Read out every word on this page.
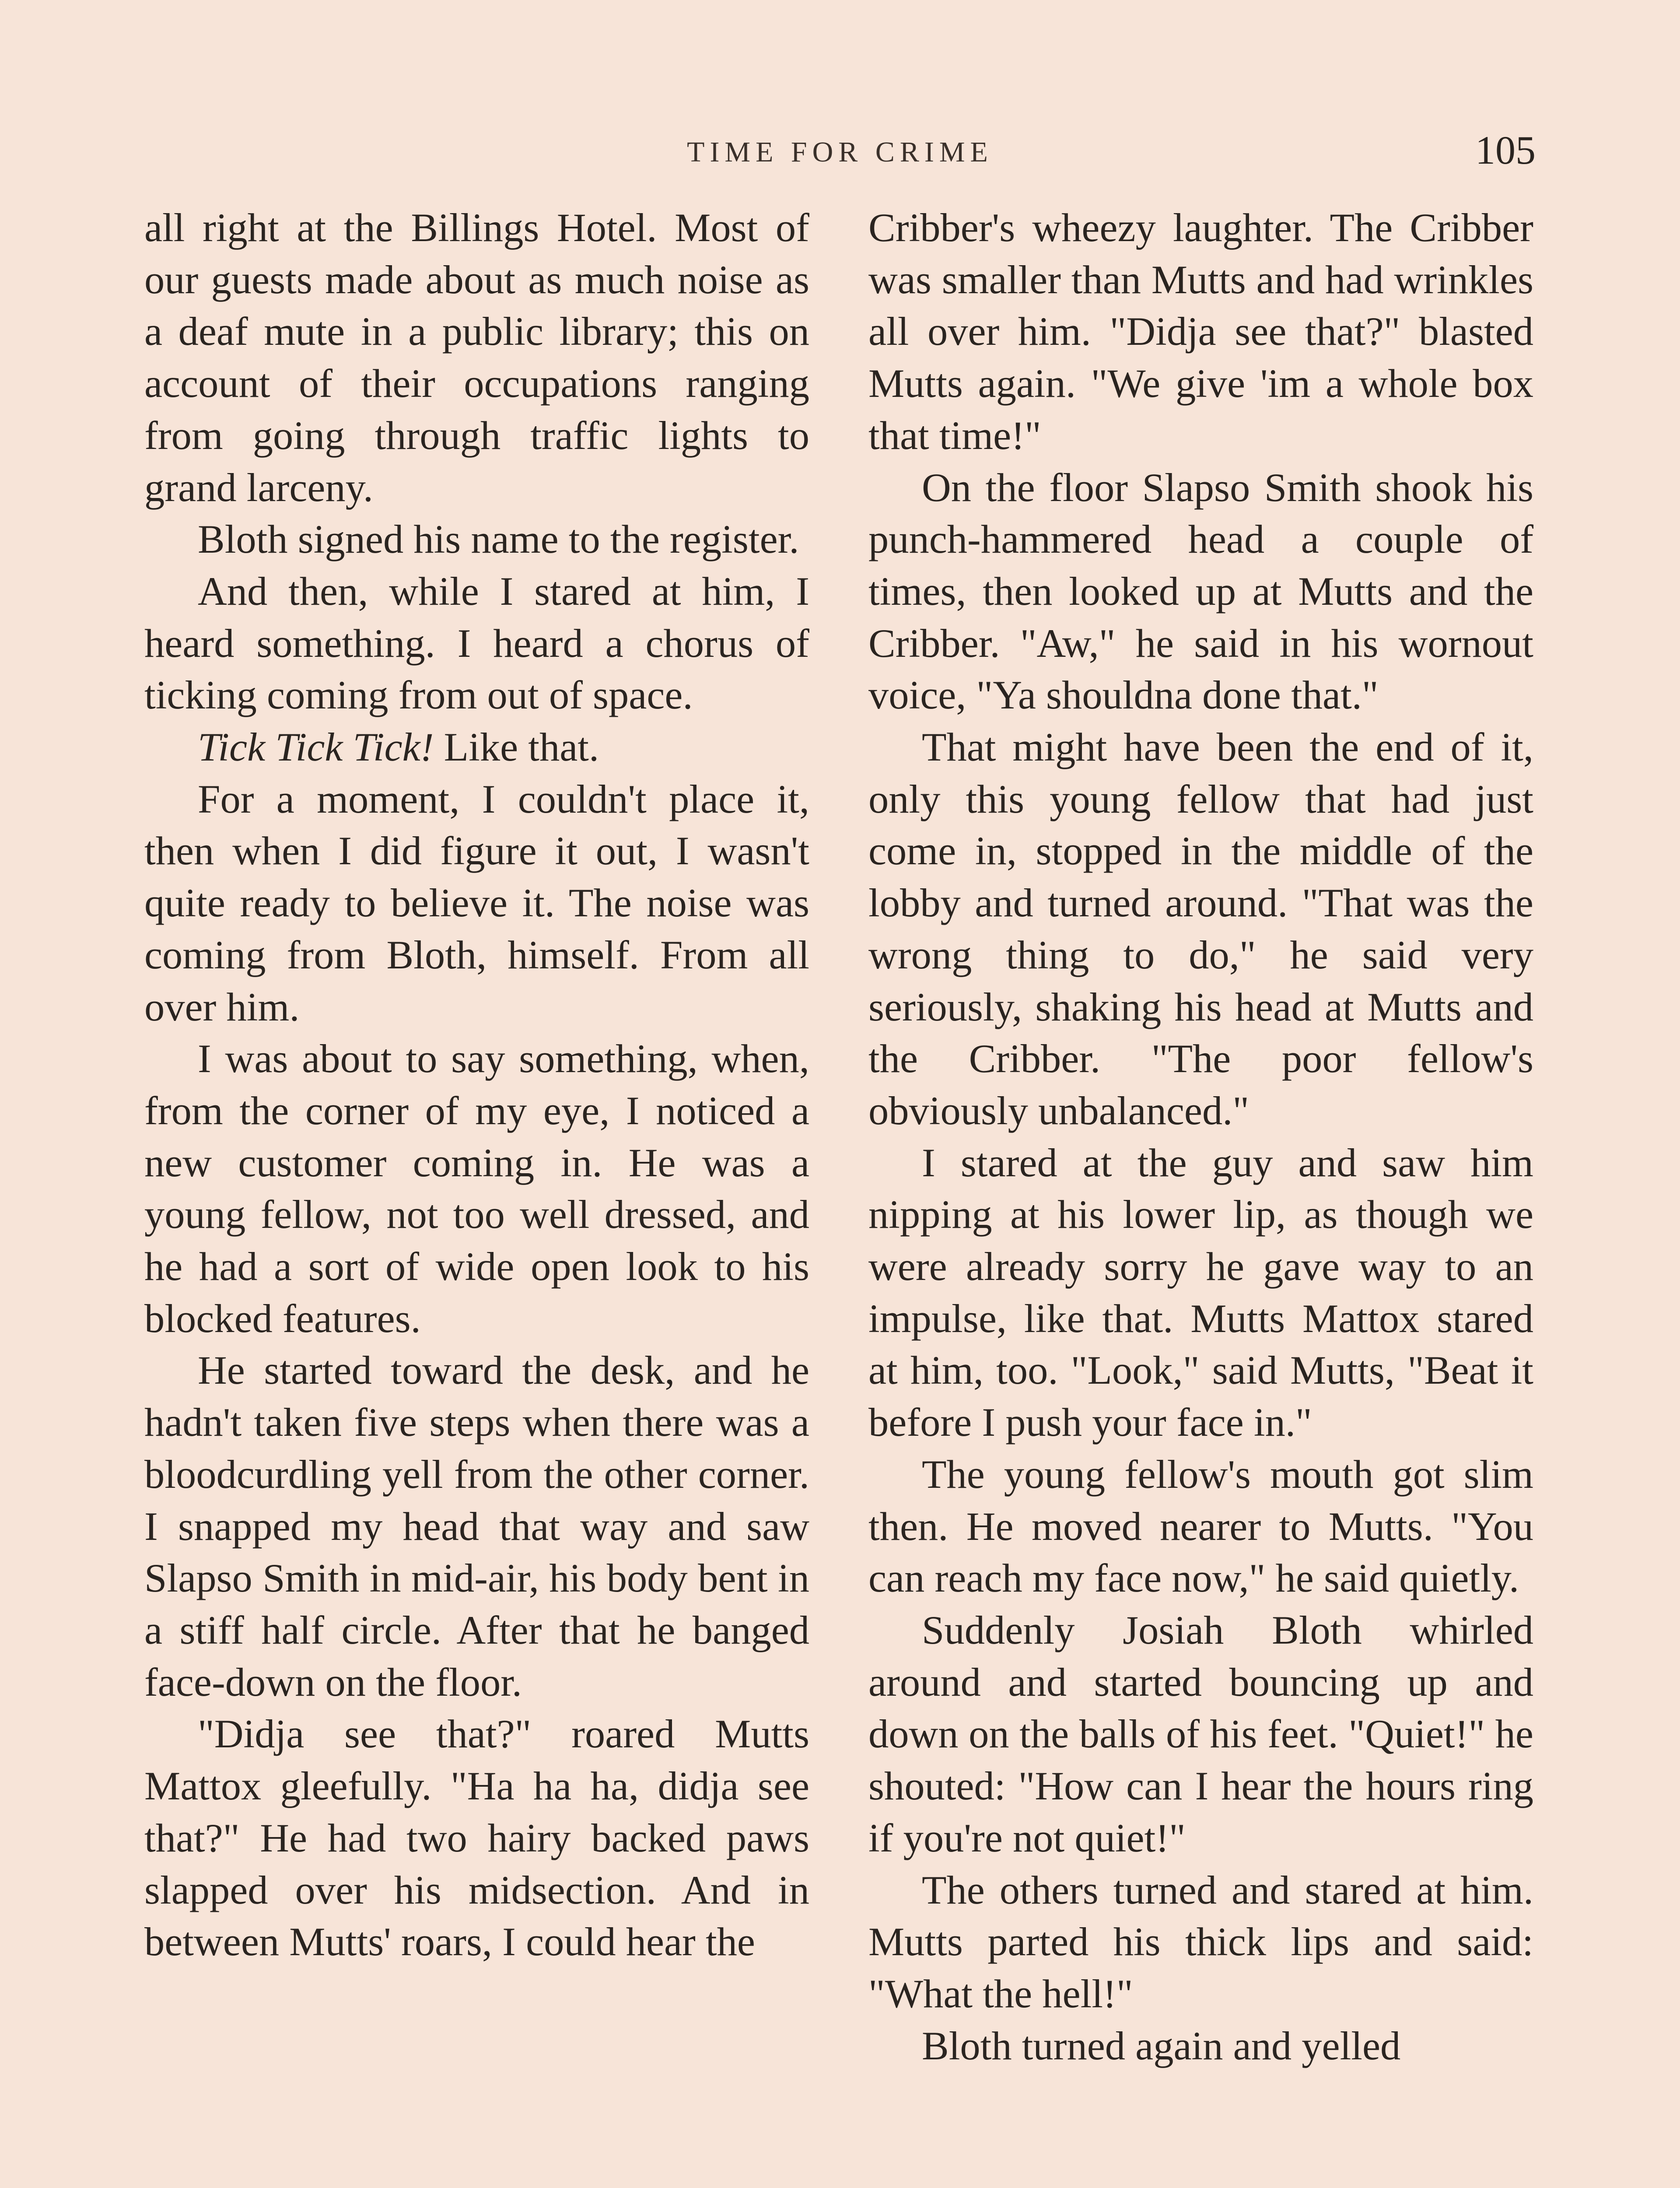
TIME FOR CRIME	105

all right at the Billings Hotel. Most of our guests made about as much noise as a deaf mute in a public library; this on account of their occupations ranging from going through traffic lights to grand larceny.

Bloth signed his name to the register.

And then, while I stared at him, I heard something. I heard a chorus of ticking coming from out of space.

Tick Tick Tick! Like that.

For a moment, I couldn't place it, then when I did figure it out, I wasn't quite ready to believe it. The noise was coming from Bloth, himself. From all over him.

I was about to say something, when, from the corner of my eye, I noticed a new customer coming in. He was a young fellow, not too well dressed, and he had a sort of wide open look to his blocked features.

He started toward the desk, and he hadn't taken five steps when there was a bloodcurdling yell from the other corner. I snapped my head that way and saw Slapso Smith in mid-air, his body bent in a stiff half circle. After that he banged face-down on the floor.

"Didja see that?" roared Mutts Mattox gleefully. "Ha ha ha, didja see that?" He had two hairy backed paws slapped over his midsection. And in between Mutts' roars, I could hear the

Cribber's wheezy laughter. The Cribber was smaller than Mutts and had wrinkles all over him. "Didja see that?" blasted Mutts again. "We give 'im a whole box that time!"

On the floor Slapso Smith shook his punch-hammered head a couple of times, then looked up at Mutts and the Cribber. "Aw," he said in his wornout voice, "Ya shouldna done that."

That might have been the end of it, only this young fellow that had just come in, stopped in the middle of the lobby and turned around. "That was the wrong thing to do," he said very seriously, shaking his head at Mutts and the Cribber. "The poor fellow's obviously unbalanced."

I stared at the guy and saw him nipping at his lower lip, as though we were already sorry he gave way to an impulse, like that. Mutts Mattox stared at him, too. "Look," said Mutts, "Beat it before I push your face in."

The young fellow's mouth got slim then. He moved nearer to Mutts. "You can reach my face now," he said quietly.

Suddenly Josiah Bloth whirled around and started bouncing up and down on the balls of his feet. "Quiet!" he shouted: "How can I hear the hours ring if you're not quiet!"

The others turned and stared at him. Mutts parted his thick lips and said: "What the hell!"

Bloth turned again and yelled
